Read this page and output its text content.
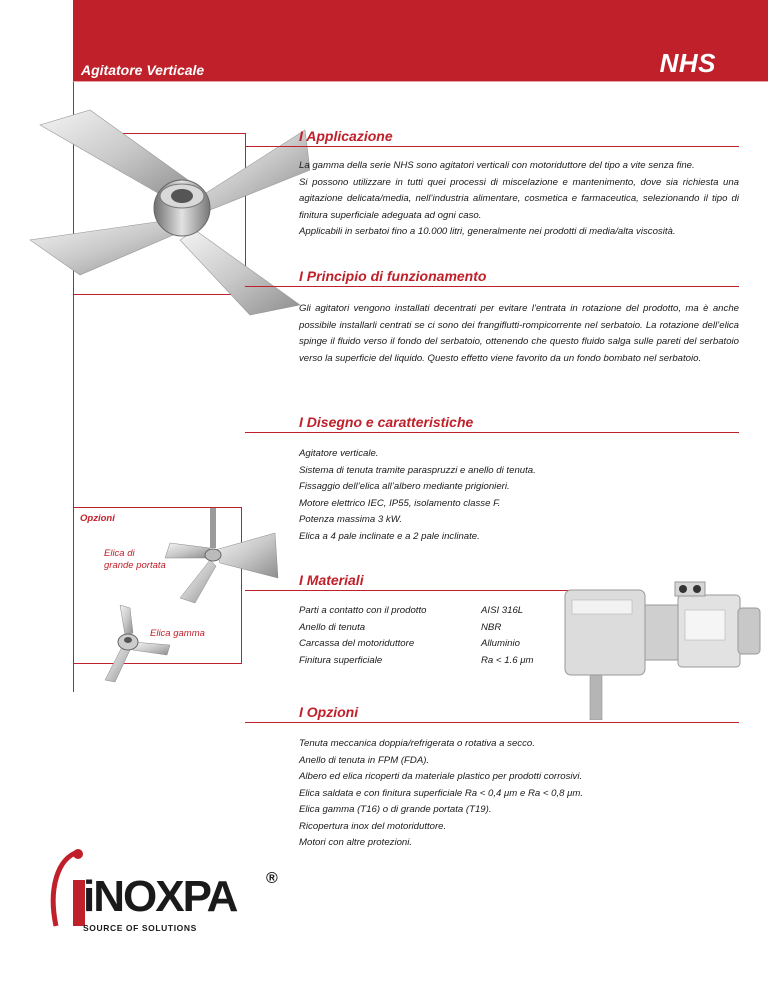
Agitatore Verticale	NHS
I Applicazione

La gamma della serie NHS sono agitatori verticali con motoriduttore del tipo a vite senza fine.

Si possono utilizzare in tutti quei processi di miscelazione e mantenimento, dove sia richiesta una agitazione delicata/media, nell’industria alimentare, cosmetica e farmaceutica, selezionando il tipo di finitura superficiale adeguata ad ogni caso.

Applicabili in serbatoi fino a 10.000 litri, generalmente nei prodotti di media/alta viscosità.

I Principio di funzionamento

Gli agitatori vengono installati decentrati per evitare l’entrata in rotazione del prodotto, ma è anche possibile installarli centrati se ci sono dei frangiflutti-rompicorrente nel serbatoio. La rotazione dell’elica spinge il fluido verso il fondo del serbatoio, ottenendo che questo fluido salga sulle pareti del serbatoio verso la superficie del liquido. Questo effetto viene favorito da un fondo bombato nel serbatoio.

I Disegno e caratteristiche
Agitatore verticale.
Sistema di tenuta tramite paraspruzzi e anello di tenuta.
Fissaggio dell’elica all’albero mediante prigionieri.
Motore elettrico IEC, IP55, isolamento classe F.
Potenza massima 3 kW.
Elica a 4 pale inclinate e a 2 pale inclinate.
Opzioni
Elica di
grande portata
Elica gamma
I Materiali
Parti a contatto con il prodotto	AISI 316L
Anello di tenuta	NBR
Carcassa del motoriduttore	Alluminio
Finitura superficiale	Ra < 1.6 μm
I Opzioni
Tenuta meccanica doppia/refrigerata o rotativa a secco.
Anello di tenuta in FPM (FDA).
Albero ed elica ricoperti da materiale plastico per prodotti corrosivi.
Elica saldata e con finitura superficiale Ra < 0,4 μm e Ra < 0,8 μm.
Elica gamma (T16) o di grande portata (T19).
Ricopertura inox del motoriduttore.
Motori con altre protezioni.
iNOXPA ®
SOURCE OF SOLUTIONS
